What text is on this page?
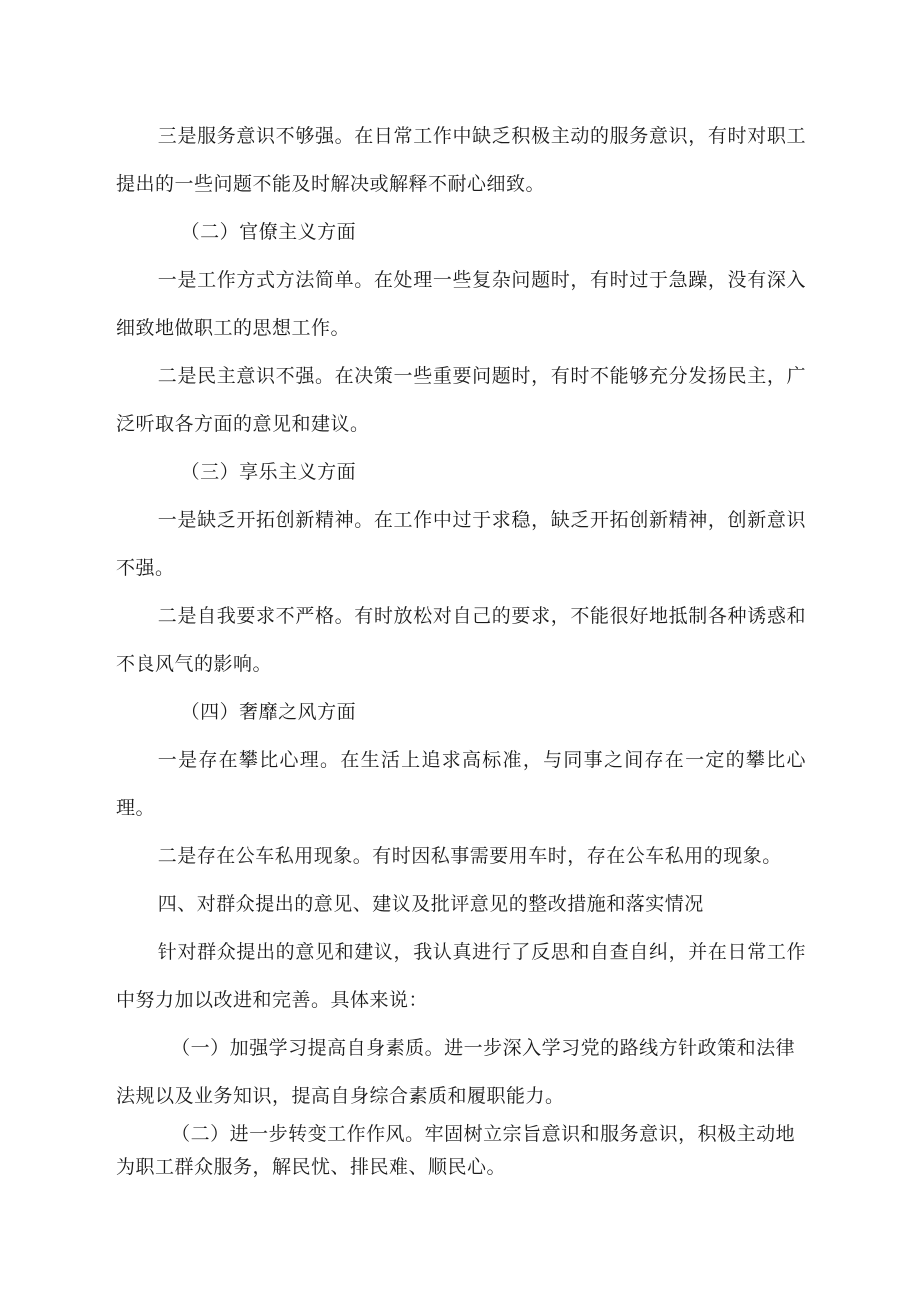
三是服务意识不够强。在日常工作中缺乏积极主动的服务意识，有时对职工提出的一些问题不能及时解决或解释不耐心细致。

（二）官僚主义方面

一是工作方式方法简单。在处理一些复杂问题时，有时过于急躁，没有深入细致地做职工的思想工作。

二是民主意识不强。在决策一些重要问题时，有时不能够充分发扬民主，广泛听取各方面的意见和建议。

（三）享乐主义方面

一是缺乏开拓创新精神。在工作中过于求稳，缺乏开拓创新精神，创新意识不强。

二是自我要求不严格。有时放松对自己的要求，不能很好地抵制各种诱惑和不良风气的影响。

（四）奢靡之风方面

一是存在攀比心理。在生活上追求高标准，与同事之间存在一定的攀比心理。

二是存在公车私用现象。有时因私事需要用车时，存在公车私用的现象。

四、对群众提出的意见、建议及批评意见的整改措施和落实情况

针对群众提出的意见和建议，我认真进行了反思和自查自纠，并在日常工作中努力加以改进和完善。具体来说：

（一）加强学习提高自身素质。进一步深入学习党的路线方针政策和法律法规以及业务知识，提高自身综合素质和履职能力。

（二）进一步转变工作作风。牢固树立宗旨意识和服务意识，积极主动地为职工群众服务，解民忧、排民难、顺民心。
